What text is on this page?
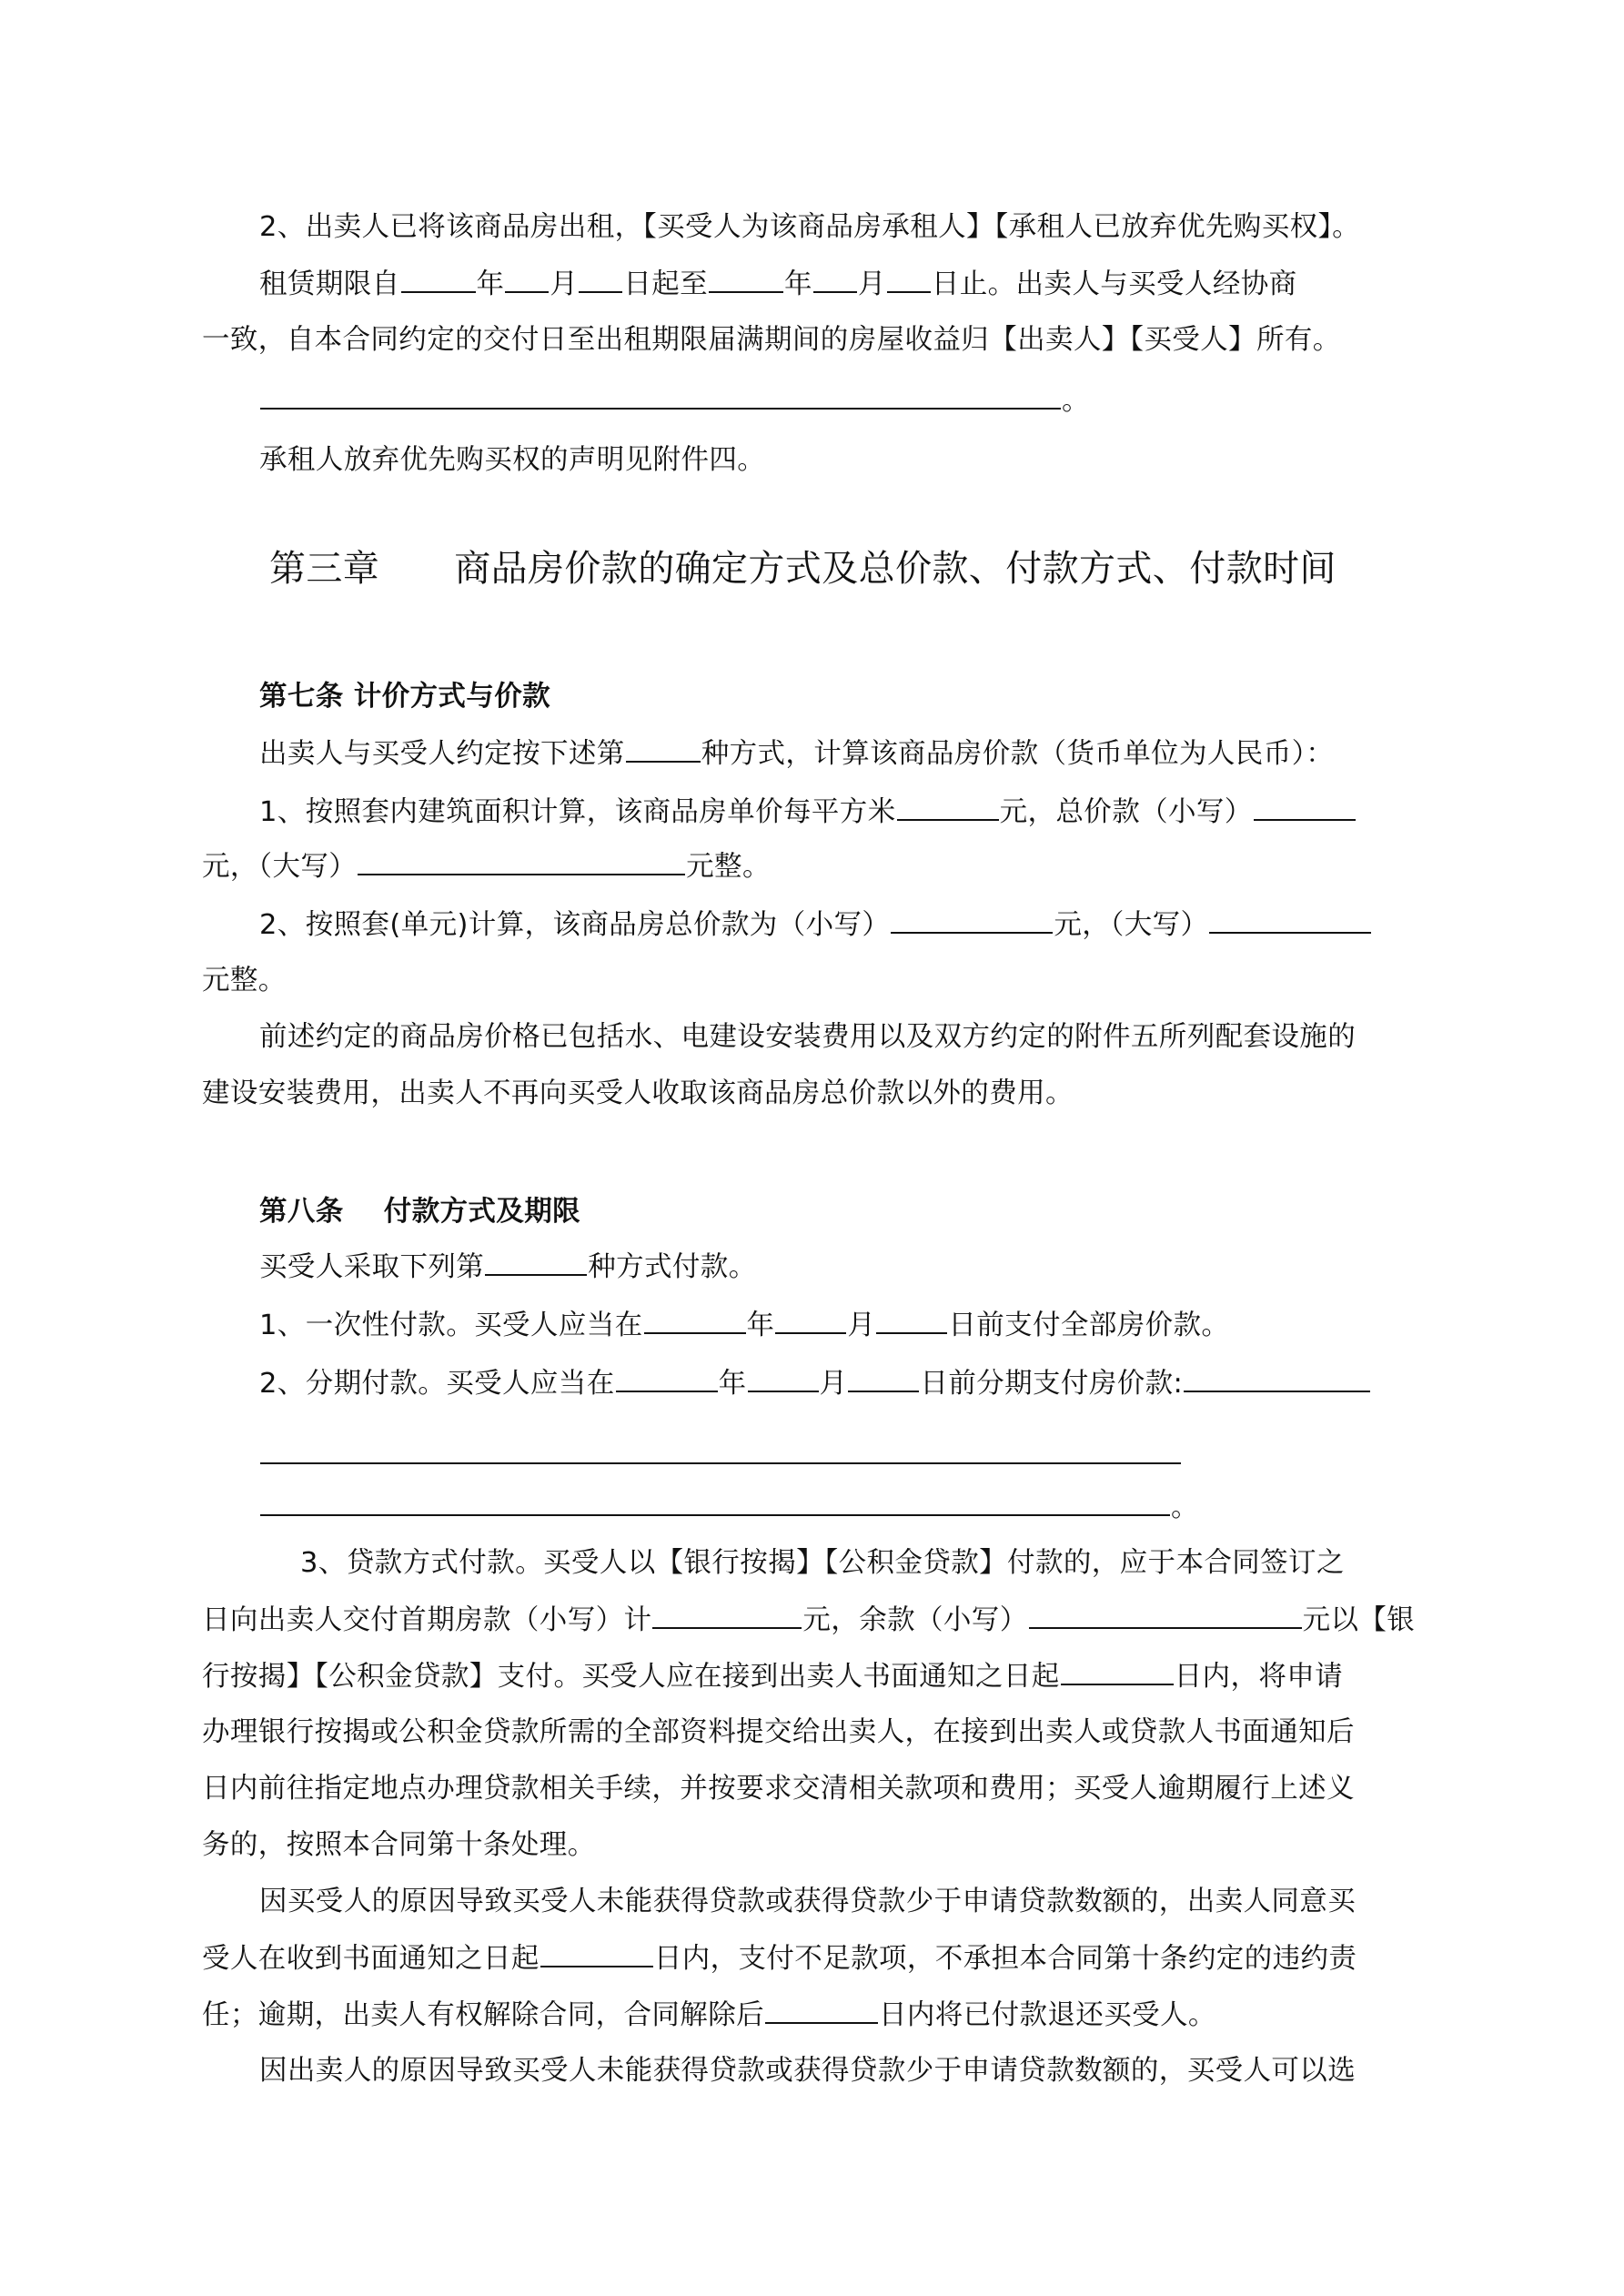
2、出卖人已将该商品房出租，【买受人为该商品房承租人】【承租人已放弃优先购买权】。
租赁期限自	年 月 日起至	年 月 日止。出卖人与买受人经协商
一致，自本合同约定的交付日至出租期限届满期间的房屋收益归【出卖人】【买受人】所有。
。
承租人放弃优先购买权的声明见附件四。
第三章 商品房价款的确定方式及总价款、付款方式、付款时间
第七条 计价方式与价款
出卖人与买受人约定按下述第	种方式，计算该商品房价款（货币单位为人民币）：
1、按照套内建筑面积计算，该商品房单价每平方米	元，总价款（小写）
元，（大写）	元整。
2、按照套(单元)计算，该商品房总价款为（小写）	元，（大写）
元整。
前述约定的商品房价格已包括水、电建设安装费用以及双方约定的附件五所列配套设施的
建设安装费用，出卖人不再向买受人收取该商品房总价款以外的费用。
第八条 付款方式及期限
买受人采取下列第	种方式付款。
1、一次性付款。买受人应当在	年	月	日前支付全部房价款。
2、分期付款。买受人应当在	年	月	日前分期支付房价款:
。
3、贷款方式付款。买受人以【银行按揭】【公积金贷款】付款的，应于本合同签订之
日向出卖人交付首期房款（小写）计	元，余款（小写）	元以【银
行按揭】【公积金贷款】支付。买受人应在接到出卖人书面通知之日起	日内，将申请
办理银行按揭或公积金贷款所需的全部资料提交给出卖人，在接到出卖人或贷款人书面通知后
日内前往指定地点办理贷款相关手续，并按要求交清相关款项和费用；买受人逾期履行上述义
务的，按照本合同第十条处理。
因买受人的原因导致买受人未能获得贷款或获得贷款少于申请贷款数额的，出卖人同意买
受人在收到书面通知之日起	日内，支付不足款项，不承担本合同第十条约定的违约责
任；逾期，出卖人有权解除合同，合同解除后	日内将已付款退还买受人。
因出卖人的原因导致买受人未能获得贷款或获得贷款少于申请贷款数额的，买受人可以选
